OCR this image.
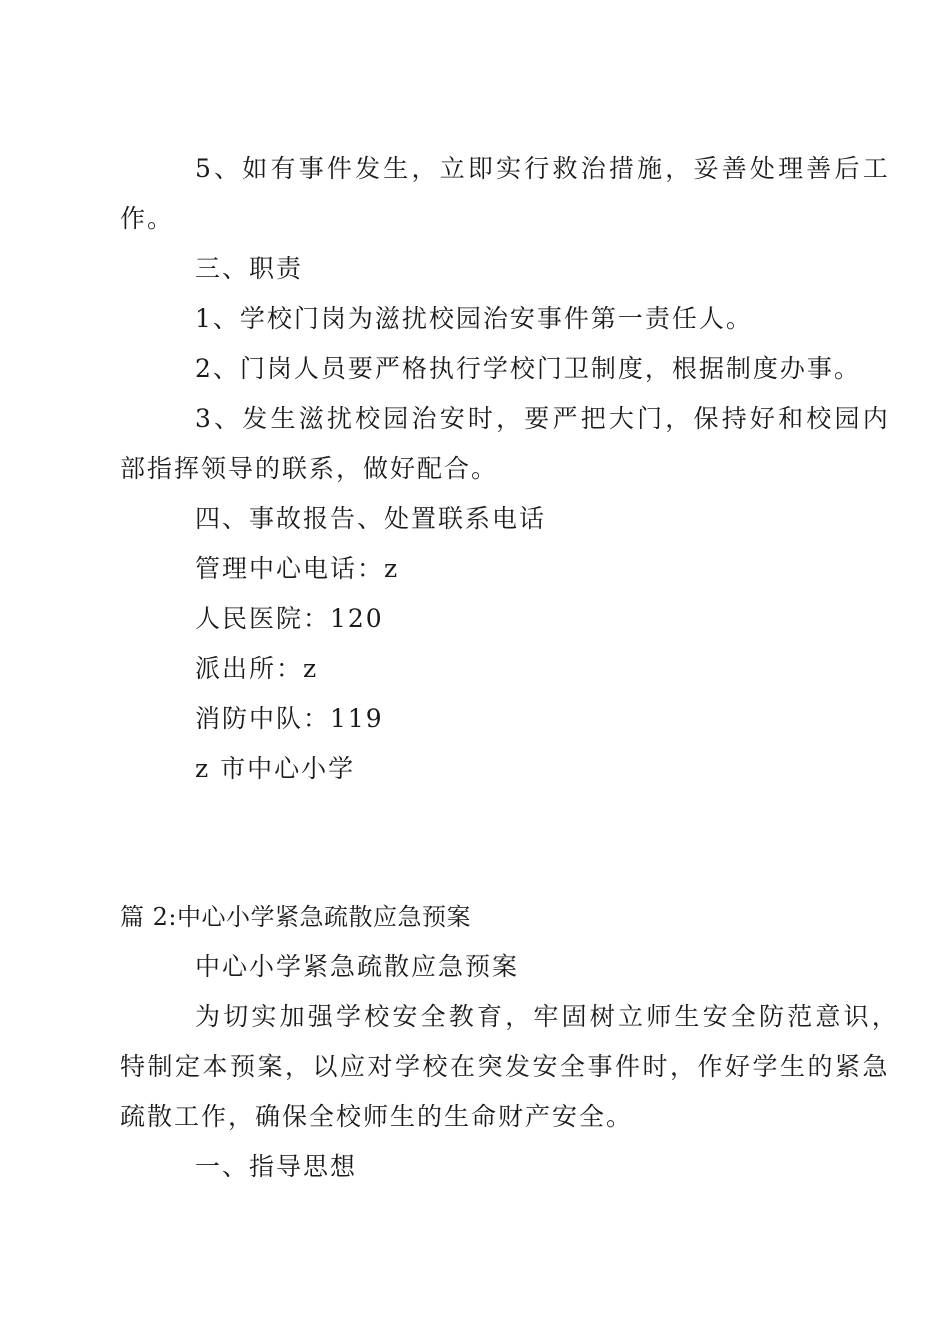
5、如有事件发生，立即实行救治措施，妥善处理善后工
作。
三、职责
1、学校门岗为滋扰校园治安事件第一责任人。
2、门岗人员要严格执行学校门卫制度，根据制度办事。
3、发生滋扰校园治安时，要严把大门，保持好和校园内
部指挥领导的联系，做好配合。
四、事故报告、处置联系电话
管理中心电话：z
人民医院：120
派出所：z
消防中队：119
z 市中心小学
篇 2:中心小学紧急疏散应急预案
中心小学紧急疏散应急预案
为切实加强学校安全教育，牢固树立师生安全防范意识，
特制定本预案，以应对学校在突发安全事件时，作好学生的紧急
疏散工作，确保全校师生的生命财产安全。
一、指导思想
